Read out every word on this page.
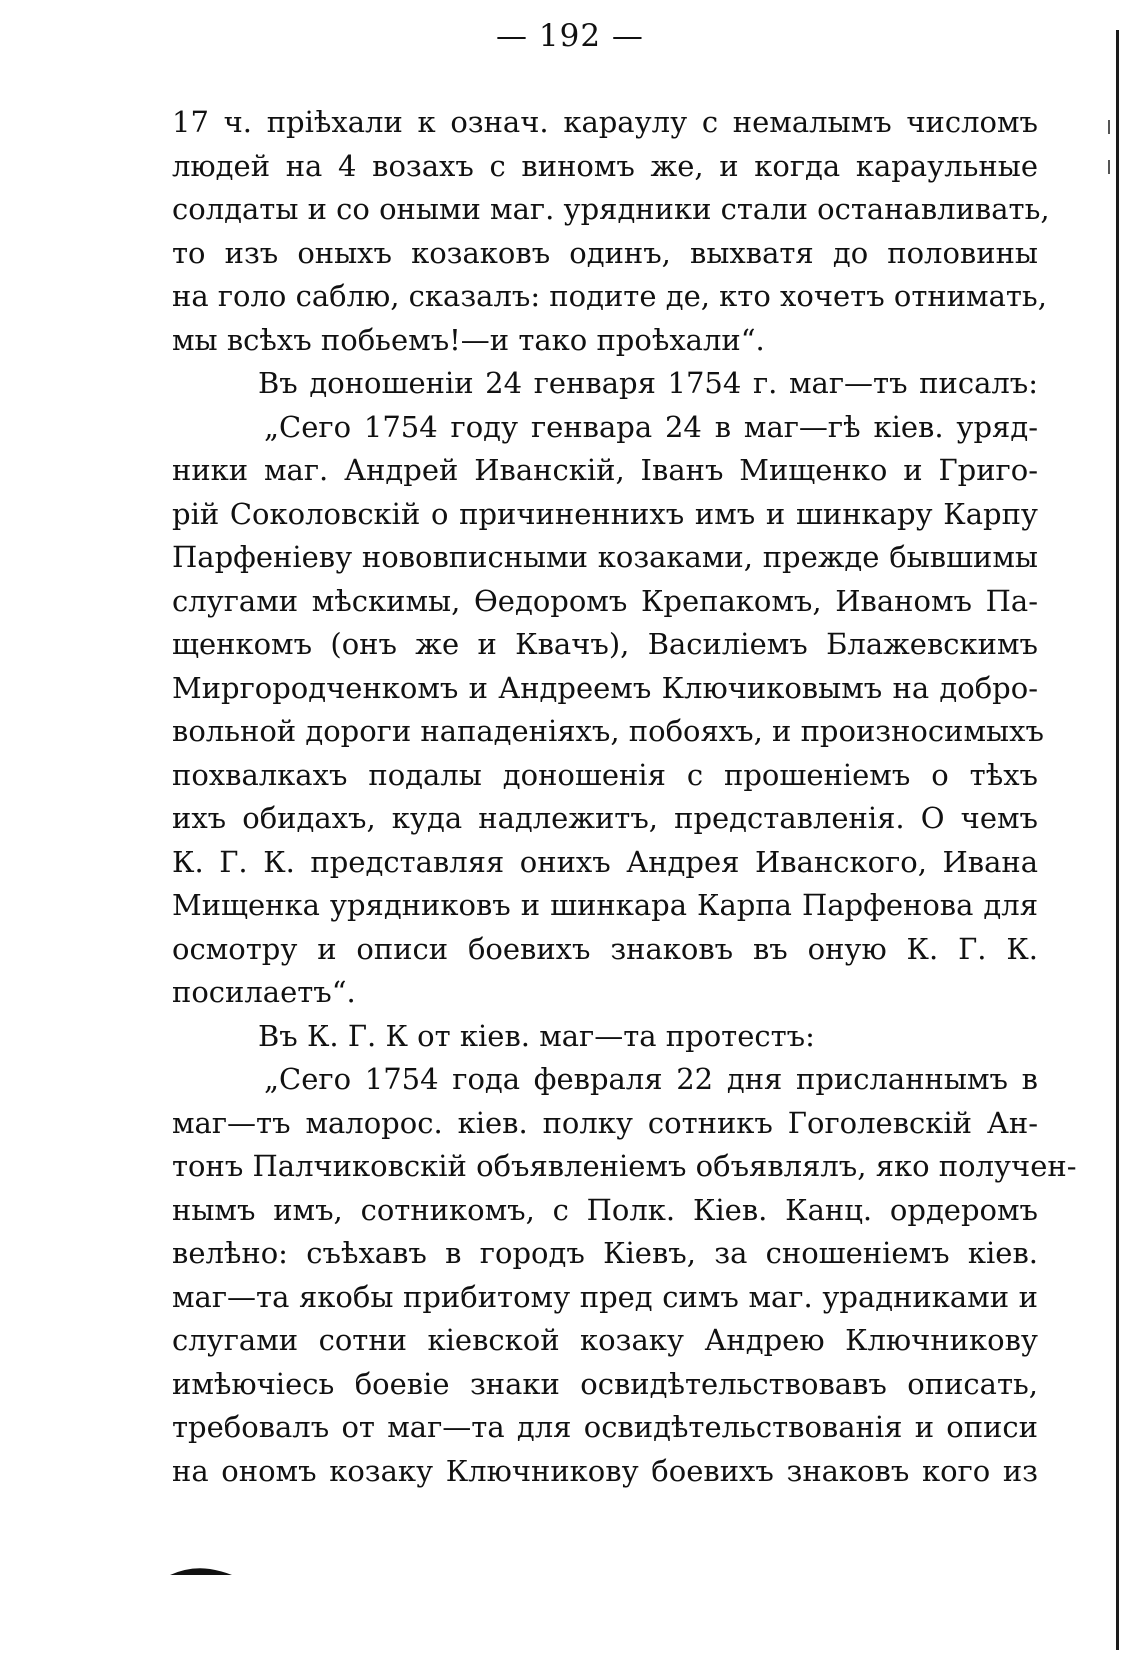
— 192 —
17 ч. пріѣхали к означ. караулу с немалымъ числомъ
людей на 4 возахъ с виномъ же, и когда караульные
солдаты и со оными маг. урядники стали останавливать,
то изъ оныхъ козаковъ одинъ, выхватя до половины
на голо саблю, сказалъ: подите де, кто хочетъ отнимать,
мы всѣхъ побьемъ!—и тако проѣхали“.
Въ доношеніи 24 генваря 1754 г. маг—тъ писалъ:
„Сего 1754 году генвара 24 в маг—гѣ кіев. уряд-
ники маг. Андрей Иванскій, Іванъ Мищенко и Григо-
рій Соколовскій о причиненнихъ имъ и шинкару Карпу
Парфеніеву нововписными козаками, прежде бывшимы
слугами мѣскимы, Өедоромъ Крепакомъ, Иваномъ Па-
щенкомъ (онъ же и Квачъ), Василіемъ Блажевскимъ
Миргородченкомъ и Андреемъ Ключиковымъ на добро-
вольной дороги нападеніяхъ, побояхъ, и произносимыхъ
похвалкахъ подалы доношенія с прошеніемъ о тѣхъ
ихъ обидахъ, куда надлежитъ, представленія. О чемъ
К. Г. К. представляя онихъ Андрея Иванского, Ивана
Мищенка урядниковъ и шинкара Карпа Парфенова для
осмотру и описи боевихъ знаковъ въ оную К. Г. К.
посилаетъ“.
Въ К. Г. К от кіев. маг—та протестъ:
„Сего 1754 года февраля 22 дня присланнымъ в
маг—тъ малорос. кіев. полку сотникъ Гоголевскій Ан-
тонъ Палчиковскій объявленіемъ объявлялъ, яко получен-
нымъ имъ, сотникомъ, с Полк. Кіев. Канц. ордеромъ
велѣно: съѣхавъ в городъ Кіевъ, за сношеніемъ кіев.
маг—та якобы прибитому пред симъ маг. урадниками и
слугами сотни кіевской козаку Андрею Ключникову
имѣючіесь боевіе знаки освидѣтельствовавъ описать,
требовалъ от маг—та для освидѣтельствованія и описи
на ономъ козаку Ключникову боевихъ знаковъ кого из
